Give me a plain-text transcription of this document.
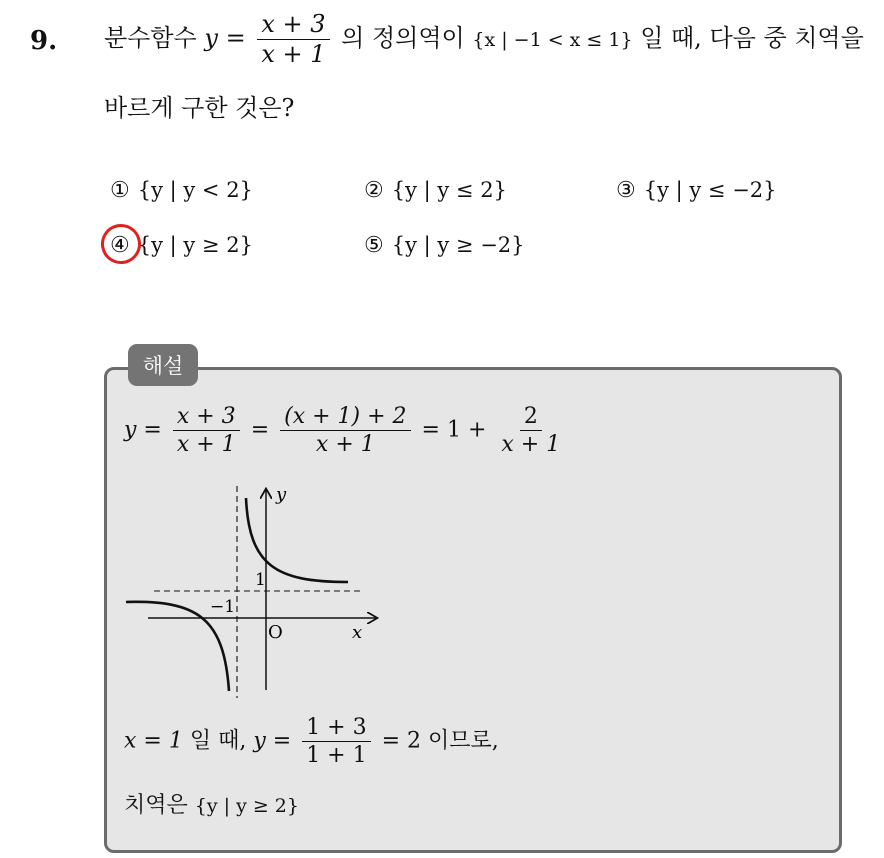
9. 분수함수 $y = \frac{x + 3}{x + 1}$ 의 정의역이 {x | −1 < x ≤ 1} 일 때, 다음 중 치역을
바르게 구한 것은?
① {y | y < 2}	② {y | y ≤ 2}	③ {y | y ≤ −2}
④ {y | y ≥ 2}	⑤ {y | y ≥ −2}
해설
$y = \frac{x + 3}{x + 1} = \frac{(x + 1) + 2}{x + 1} = 1 + \frac{2}{x + 1}$
y
x
O
1
−1
x = 1 일 때, $y = \frac{1 + 3}{1 + 1} = 2$ 이므로,
치역은 {y | y ≥ 2}
